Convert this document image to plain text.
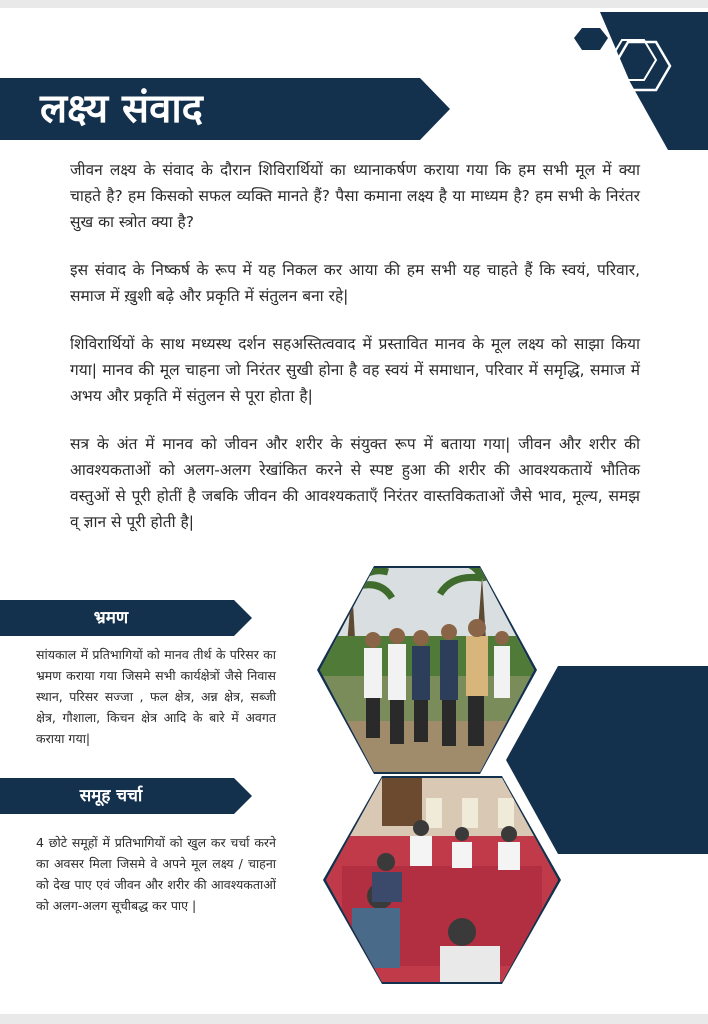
लक्ष्य संवाद

जीवन लक्ष्य के संवाद के दौरान शिविरार्थियों का ध्यानाकर्षण कराया गया कि हम सभी मूल में क्या चाहते है? हम किसको सफल व्यक्ति मानते हैं? पैसा कमाना लक्ष्य है या माध्यम है? हम सभी के निरंतर सुख का स्त्रोत क्या है?

इस संवाद के निष्कर्ष के रूप में यह निकल कर आया की हम सभी यह चाहते हैं कि स्वयं, परिवार, समाज में ख़ुशी बढ़े और प्रकृति में संतुलन बना रहे|

शिविरार्थियों के साथ मध्यस्थ दर्शन सहअस्तित्ववाद में प्रस्तावित मानव के मूल लक्ष्य को साझा किया गया| मानव की मूल चाहना जो निरंतर सुखी होना है वह स्वयं में समाधान, परिवार में समृद्धि, समाज में अभय और प्रकृति में संतुलन से पूरा होता है|

सत्र के अंत में मानव को जीवन और शरीर के संयुक्त रूप में बताया गया| जीवन और शरीर की आवश्यकताओं को अलग-अलग रेखांकित करने से स्पष्ट हुआ की शरीर की आवश्यकतायें भौतिक वस्तुओं से पूरी होतीं है जबकि जीवन की आवश्यकताएँ निरंतर वास्तविकताओं जैसे भाव, मूल्य, समझ व् ज्ञान से पूरी होती है|

भ्रमण
सांयकाल में प्रतिभागियों को मानव तीर्थ के परिसर का भ्रमण कराया गया जिसमे सभी कार्यक्षेत्रों जैसे निवास स्थान, परिसर सज्जा , फल क्षेत्र, अन्न क्षेत्र, सब्जी क्षेत्र, गौशाला, किचन क्षेत्र आदि के बारे में अवगत कराया गया|
समूह चर्चा
4 छोटे समूहों में प्रतिभागियों को खुल कर चर्चा करने का अवसर मिला जिसमे वे अपने मूल लक्ष्य / चाहना को देख पाए एवं जीवन और शरीर की आवश्यकताओं को अलग-अलग सूचीबद्ध कर पाए |
